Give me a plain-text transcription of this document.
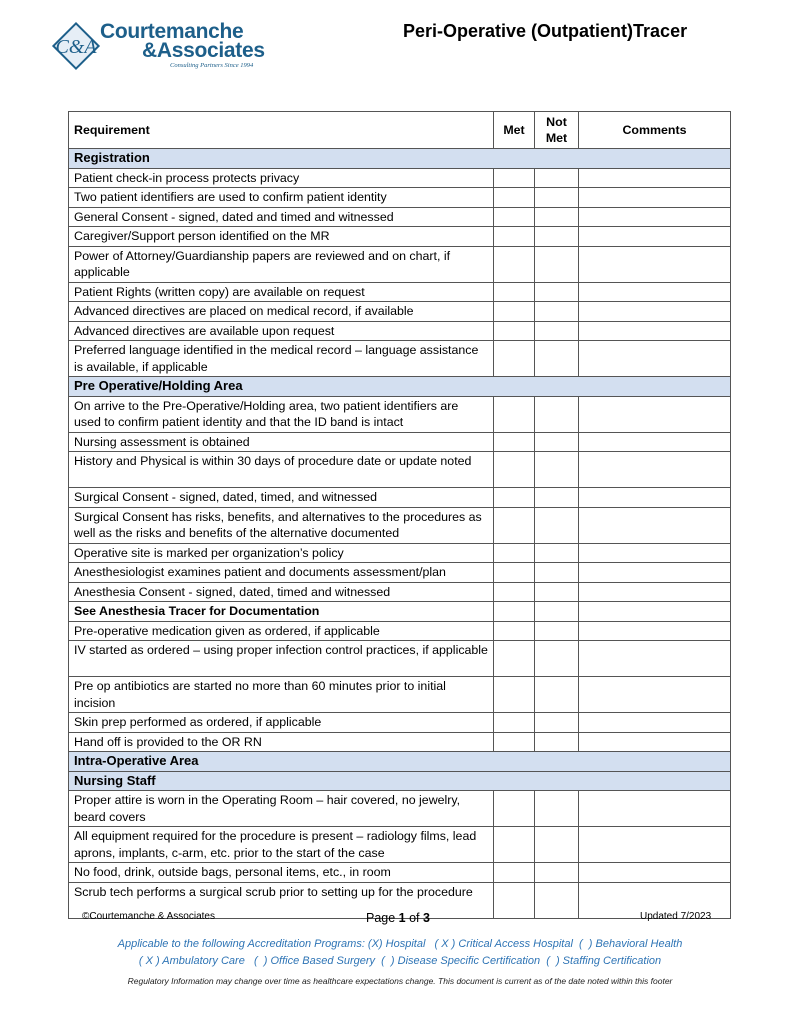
C&A
Courtemanche
&Associates
Consulting Partners Since 1994
Peri-Operative (Outpatient)Tracer
Requirement	Met	Not Met	Comments
Registration			
Patient check-in process protects privacy			
Two patient identifiers are used to confirm patient identity			
General Consent - signed, dated and timed and witnessed			
Caregiver/Support person identified on the MR			
Power of Attorney/Guardianship papers are reviewed and on chart, if applicable			
Patient Rights (written copy) are available on request			
Advanced directives are placed on medical record, if available			
Advanced directives are available upon request			
Preferred language identified in the medical record – language assistance is available, if applicable			
Pre Operative/Holding Area			
On arrive to the Pre-Operative/Holding area, two patient identifiers are used to confirm patient identity and that the ID band is intact			
Nursing assessment is obtained			
History and Physical is within 30 days of procedure date or update noted			
Surgical Consent - signed, dated, timed, and witnessed			
Surgical Consent has risks, benefits, and alternatives to the procedures as well as the risks and benefits of the alternative documented			
Operative site is marked per organization’s policy			
Anesthesiologist examines patient and documents assessment/plan			
Anesthesia Consent - signed, dated, timed and witnessed			
See Anesthesia Tracer for Documentation			
Pre-operative medication given as ordered, if applicable			
IV started as ordered – using proper infection control practices, if applicable			
Pre op antibiotics are started no more than 60 minutes prior to initial incision			
Skin prep performed as ordered, if applicable			
Hand off is provided to the OR RN			
Intra-Operative Area			
Nursing Staff			
Proper attire is worn in the Operating Room – hair covered, no jewelry, beard covers			
All equipment required for the procedure is present – radiology films, lead aprons, implants, c-arm, etc. prior to the start of the case			
No food, drink, outside bags, personal items, etc., in room			
Scrub tech performs a surgical scrub prior to setting up for the procedure			
©Courtemanche & Associates	Page 1 of 3	Updated 7/2023
Applicable to the following Accreditation Programs: (X) Hospital   ( X ) Critical Access Hospital  (  ) Behavioral Health
( X ) Ambulatory Care   (  ) Office Based Surgery  (  ) Disease Specific Certification  (  ) Staffing Certification
Regulatory Information may change over time as healthcare expectations change. This document is current as of the date noted within this footer
